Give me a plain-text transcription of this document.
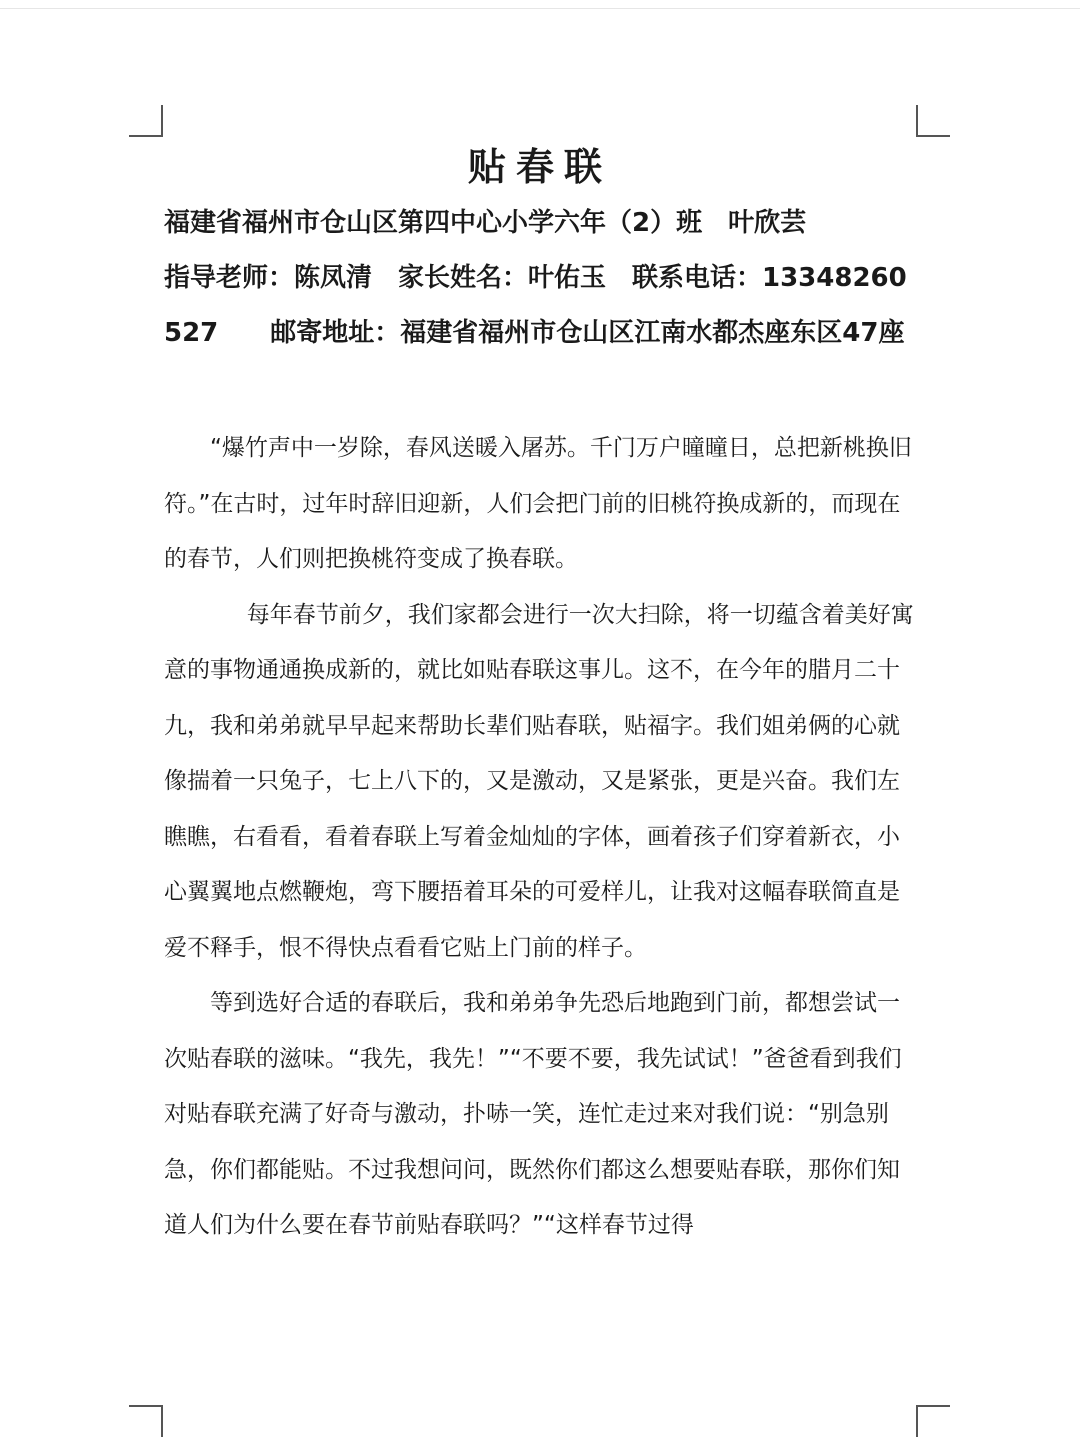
贴春联

福建省福州市仓山区第四中心小学六年（2）班　叶欣芸

指导老师：陈凤清　家长姓名：叶佑玉　联系电话：13348260527　　邮寄地址：福建省福州市仓山区江南水都杰座东区47座

“爆竹声中一岁除，春风送暖入屠苏。千门万户曈曈日，总把新桃换旧符。”在古时，过年时辞旧迎新，人们会把门前的旧桃符换成新的，而现在的春节，人们则把换桃符变成了换春联。

每年春节前夕，我们家都会进行一次大扫除，将一切蕴含着美好寓意的事物通通换成新的，就比如贴春联这事儿。这不，在今年的腊月二十九，我和弟弟就早早起来帮助长辈们贴春联，贴福字。我们姐弟俩的心就像揣着一只兔子，七上八下的，又是激动，又是紧张，更是兴奋。我们左瞧瞧，右看看，看着春联上写着金灿灿的字体，画着孩子们穿着新衣，小心翼翼地点燃鞭炮，弯下腰捂着耳朵的可爱样儿，让我对这幅春联简直是爱不释手，恨不得快点看看它贴上门前的样子。

等到选好合适的春联后，我和弟弟争先恐后地跑到门前，都想尝试一次贴春联的滋味。“我先，我先！”“不要不要，我先试试！”爸爸看到我们对贴春联充满了好奇与激动，扑哧一笑，连忙走过来对我们说：“别急别急，你们都能贴。不过我想问问，既然你们都这么想要贴春联，那你们知道人们为什么要在春节前贴春联吗？”“这样春节过得
